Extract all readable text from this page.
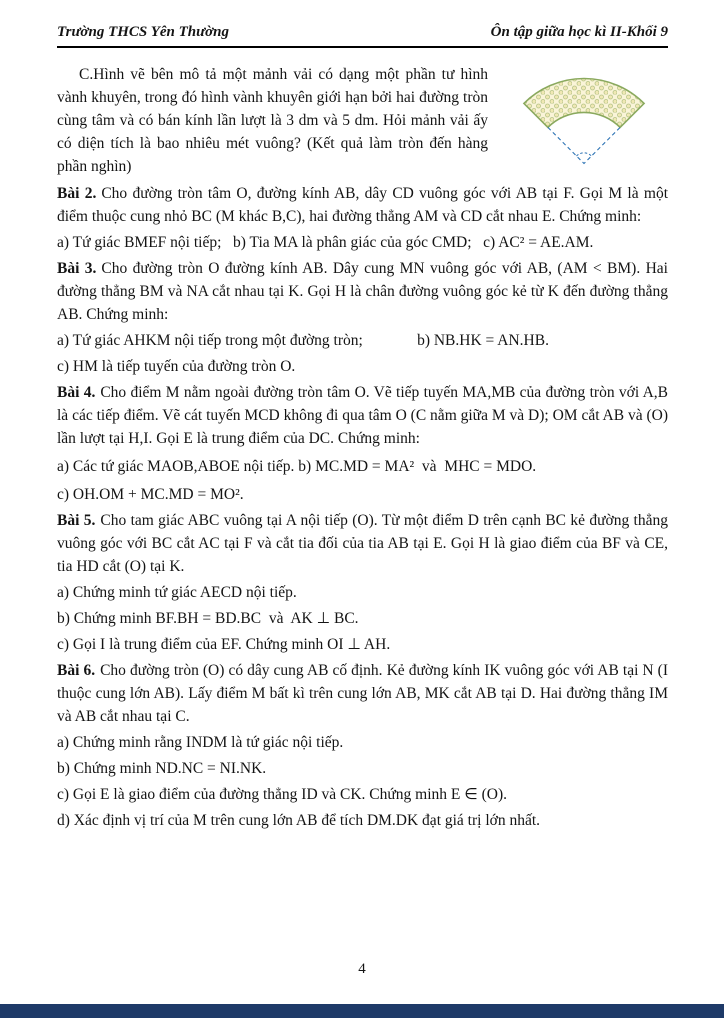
Trường THCS Yên Thường	Ôn tập giữa học kì II-Khối 9

C.Hình vẽ bên mô tả một mảnh vải có dạng một phần tư hình vành khuyên, trong đó hình vành khuyên giới hạn bởi hai đường tròn cùng tâm và có bán kính lần lượt là 3 dm và 5 dm. Hỏi mảnh vải ấy có diện tích là bao nhiêu mét vuông? (Kết quả làm tròn đến hàng phần nghìn)

Bài 2. Cho đường tròn tâm O, đường kính AB, dây CD vuông góc với AB tại F. Gọi M là một điểm thuộc cung nhỏ BC (M khác B,C), hai đường thẳng AM và CD cắt nhau E. Chứng minh:

a) Tứ giác BMEF nội tiếp;   b) Tia MA là phân giác của góc CMD;   c) AC² = AE.AM.

Bài 3. Cho đường tròn O đường kính AB. Dây cung MN vuông góc với AB, (AM < BM). Hai đường thẳng BM và NA cắt nhau tại K. Gọi H là chân đường vuông góc kẻ từ K đến đường thẳng AB. Chứng minh:

a) Tứ giác AHKM nội tiếp trong một đường tròn;              b) NB.HK = AN.HB.
c) HM là tiếp tuyến của đường tròn O.

Bài 4. Cho điểm M nằm ngoài đường tròn tâm O. Vẽ tiếp tuyến MA,MB của đường tròn với A,B là các tiếp điểm. Vẽ cát tuyến MCD không đi qua tâm O (C nằm giữa M và D); OM cắt AB và (O) lần lượt tại H,I. Gọi E là trung điểm của DC. Chứng minh:

a) Các tứ giác MAOB,ABOE nội tiếp. b) MC.MD = MA²  và  MHC = MDO.
c) OH.OM + MC.MD = MO².

Bài 5. Cho tam giác ABC vuông tại A nội tiếp (O). Từ một điểm D trên cạnh BC kẻ đường thẳng vuông góc với BC cắt AC tại F và cắt tia đối của tia AB tại E. Gọi H là giao điểm của BF và CE, tia HD cắt (O) tại K.

a) Chứng minh tứ giác AECD nội tiếp.
b) Chứng minh BF.BH = BD.BC  và  AK ⊥ BC.
c) Gọi I là trung điểm của EF. Chứng minh OI ⊥ AH.

Bài 6. Cho đường tròn (O) có dây cung AB cố định. Kẻ đường kính IK vuông góc với AB tại N (I thuộc cung lớn AB). Lấy điểm M bất kì trên cung lớn AB, MK cắt AB tại D. Hai đường thẳng IM và AB cắt nhau tại C.

a) Chứng minh rằng INDM là tứ giác nội tiếp.
b) Chứng minh ND.NC = NI.NK.
c) Gọi E là giao điểm của đường thẳng ID và CK. Chứng minh E ∈ (O).
d) Xác định vị trí của M trên cung lớn AB để tích DM.DK đạt giá trị lớn nhất.
4
